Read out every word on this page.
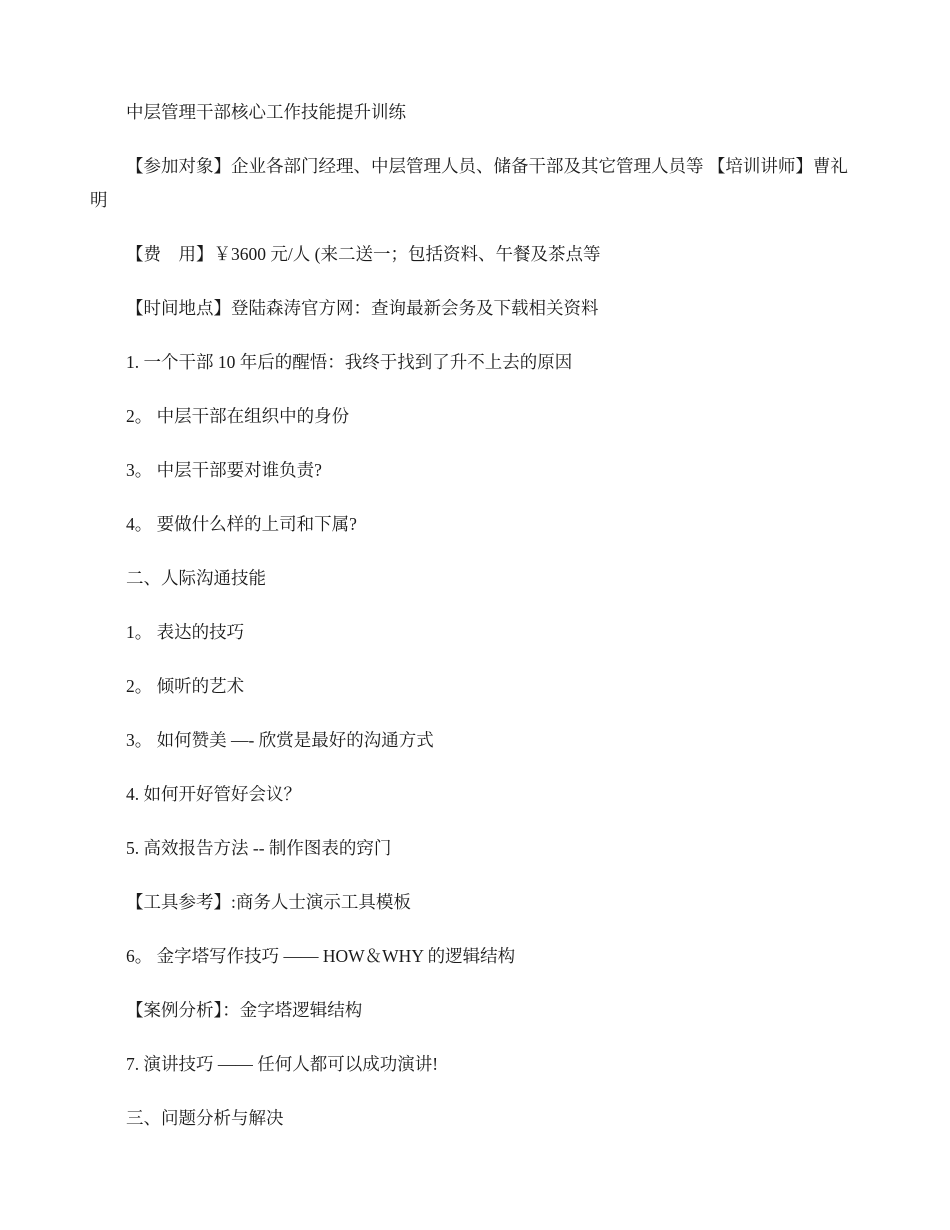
中层管理干部核心工作技能提升训练

【参加对象】企业各部门经理、中层管理人员、储备干部及其它管理人员等 【培训讲师】曹礼明

【费　用】￥3600 元/人 (来二送一；包括资料、午餐及茶点等

【时间地点】登陆森涛官方网：查询最新会务及下载相关资料

1. 一个干部 10 年后的醒悟：我终于找到了升不上去的原因

2。 中层干部在组织中的身份

3。 中层干部要对谁负责?

4。 要做什么样的上司和下属?

二、人际沟通技能

1。 表达的技巧

2。 倾听的艺术

3。 如何赞美 —- 欣赏是最好的沟通方式

4. 如何开好管好会议？

5. 高效报告方法 -- 制作图表的窍门

【工具参考】:商务人士演示工具模板

6。 金字塔写作技巧 —— HOW＆WHY 的逻辑结构

【案例分析】：金字塔逻辑结构

7. 演讲技巧 —— 任何人都可以成功演讲!

三、问题分析与解决
